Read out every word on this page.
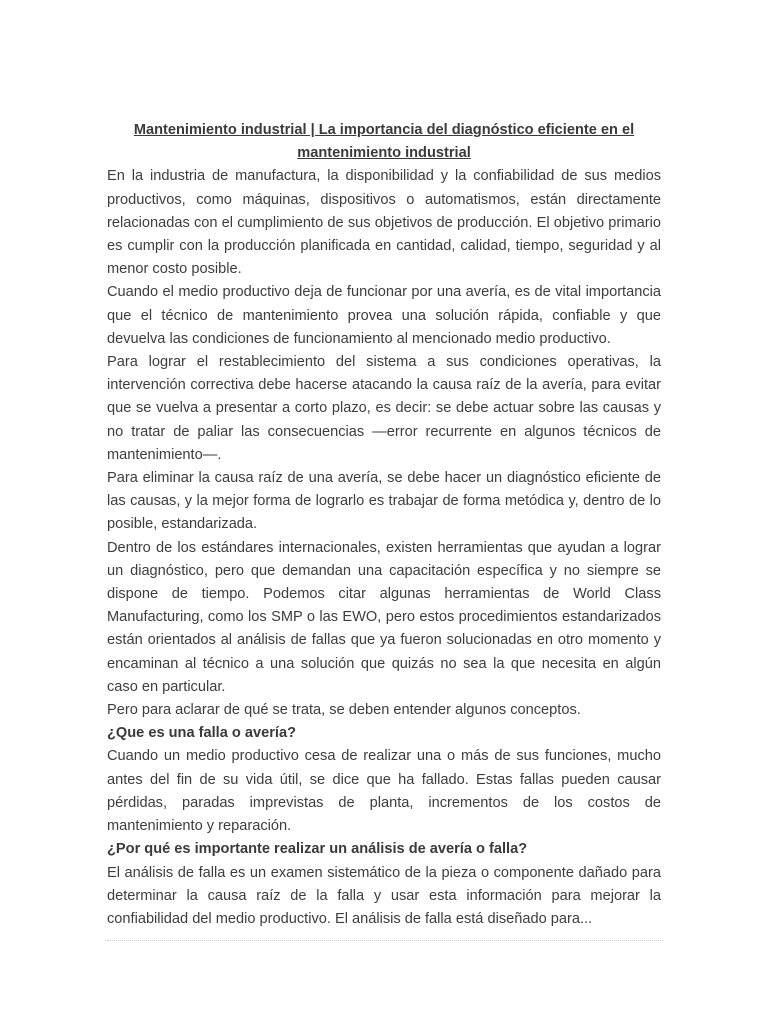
Mantenimiento industrial | La importancia del diagnóstico eficiente en el mantenimiento industrial

En la industria de manufactura, la disponibilidad y la confiabilidad de sus medios productivos, como máquinas, dispositivos o automatismos, están directamente relacionadas con el cumplimiento de sus objetivos de producción. El objetivo primario es cumplir con la producción planificada en cantidad, calidad, tiempo, seguridad y al menor costo posible.

Cuando el medio productivo deja de funcionar por una avería, es de vital importancia que el técnico de mantenimiento provea una solución rápida, confiable y que devuelva las condiciones de funcionamiento al mencionado medio productivo.

Para lograr el restablecimiento del sistema a sus condiciones operativas, la intervención correctiva debe hacerse atacando la causa raíz de la avería, para evitar que se vuelva a presentar a corto plazo, es decir: se debe actuar sobre las causas y no tratar de paliar las consecuencias —error recurrente en algunos técnicos de mantenimiento—.

Para eliminar la causa raíz de una avería, se debe hacer un diagnóstico eficiente de las causas, y la mejor forma de lograrlo es trabajar de forma metódica y, dentro de lo posible, estandarizada.

Dentro de los estándares internacionales, existen herramientas que ayudan a lograr un diagnóstico, pero que demandan una capacitación específica y no siempre se dispone de tiempo. Podemos citar algunas herramientas de World Class Manufacturing, como los SMP o las EWO, pero estos procedimientos estandarizados están orientados al análisis de fallas que ya fueron solucionadas en otro momento y encaminan al técnico a una solución que quizás no sea la que necesita en algún caso en particular.

Pero para aclarar de qué se trata, se deben entender algunos conceptos.

¿Que es una falla o avería?

Cuando un medio productivo cesa de realizar una o más de sus funciones, mucho antes del fin de su vida útil, se dice que ha fallado. Estas fallas pueden causar pérdidas, paradas imprevistas de planta, incrementos de los costos de mantenimiento y reparación.

¿Por qué es importante realizar un análisis de avería o falla?

El análisis de falla es un examen sistemático de la pieza o componente dañado para determinar la causa raíz de la falla y usar esta información para mejorar la confiabilidad del medio productivo. El análisis de falla está diseñado para...
